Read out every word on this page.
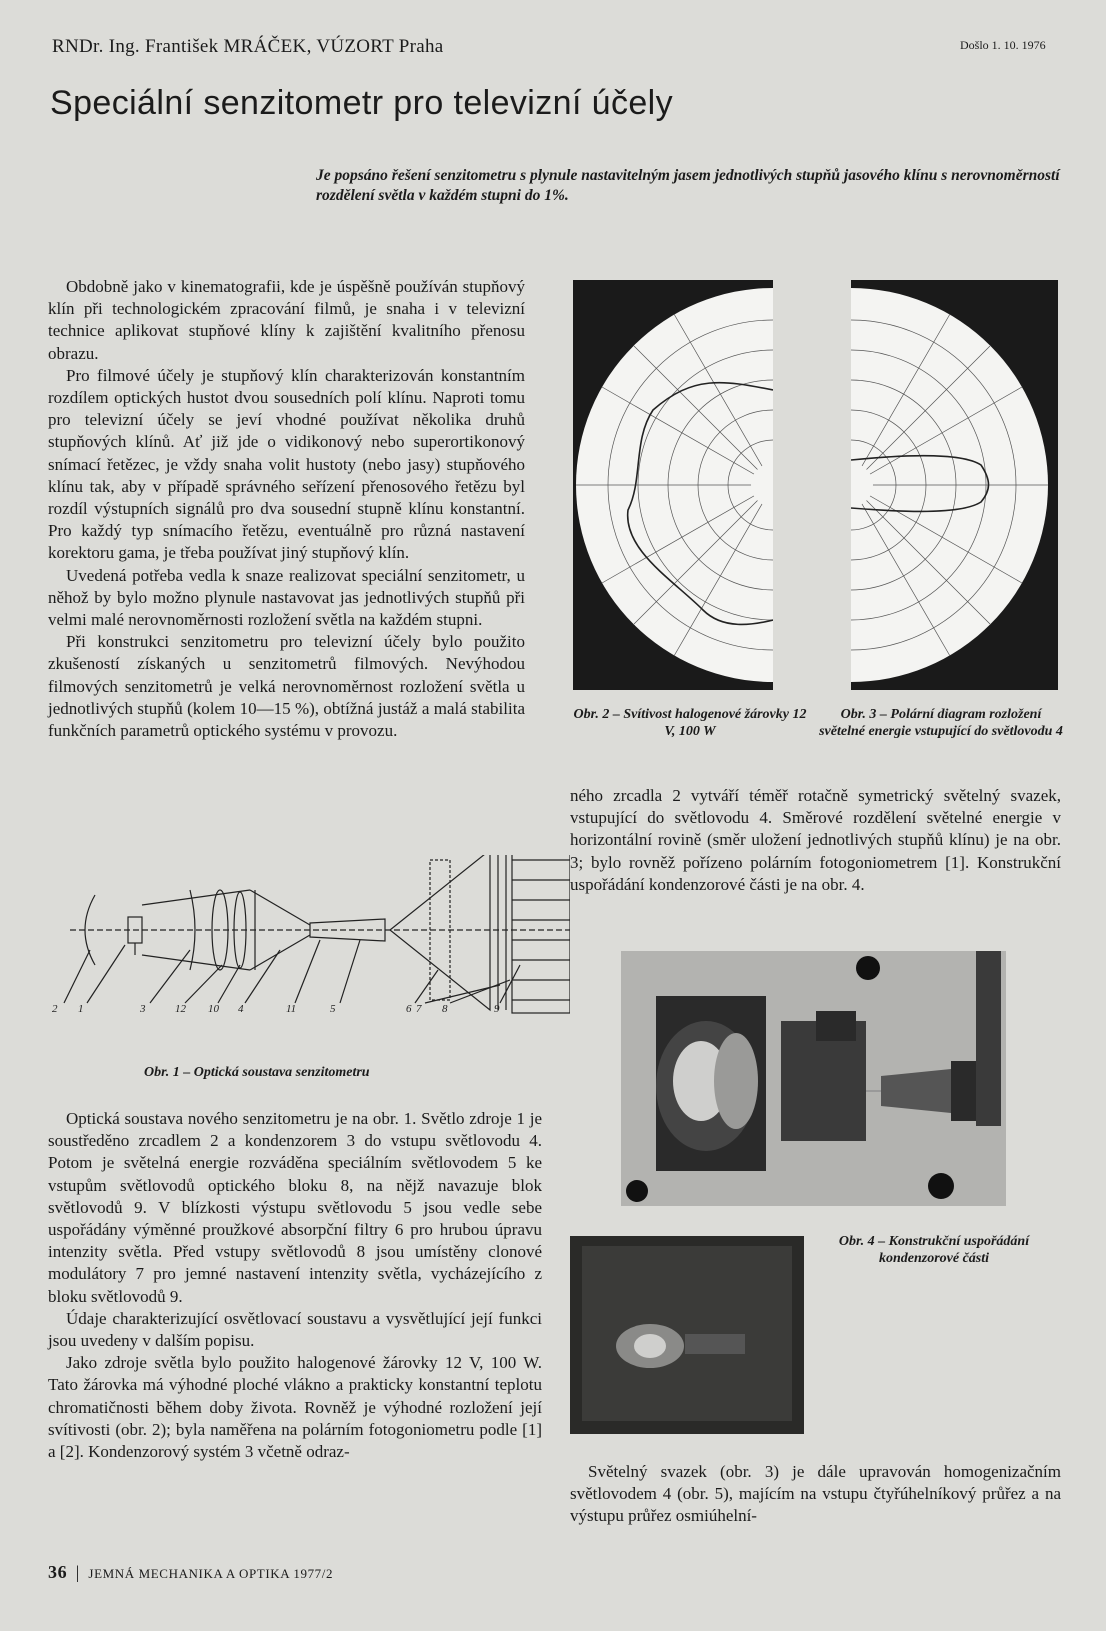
RNDr. Ing. František MRÁČEK, VÚZORT Praha	Došlo 1. 10. 1976
Speciální senzitometr pro televizní účely
Je popsáno řešení senzitometru s plynule nastavitelným jasem jednotlivých stupňů jasového klínu s nerovnoměrností rozdělení světla v každém stupni do 1%.

Obdobně jako v kinematografii, kde je úspěšně používán stupňový klín při technologickém zpracování filmů, je snaha i v televizní technice aplikovat stupňové klíny k zajištění kvalitního přenosu obrazu.

Pro filmové účely je stupňový klín charakterizován konstantním rozdílem optických hustot dvou sousedních polí klínu. Naproti tomu pro televizní účely se jeví vhodné používat několika druhů stupňových klínů. Ať již jde o vidikonový nebo superortikonový snímací řetězec, je vždy snaha volit hustoty (nebo jasy) stupňového klínu tak, aby v případě správného seřízení přenosového řetězu byl rozdíl výstupních signálů pro dva sousední stupně klínu konstantní. Pro každý typ snímacího řetězu, eventuálně pro různá nastavení korektoru gama, je třeba používat jiný stupňový klín.

Uvedená potřeba vedla k snaze realizovat speciální senzitometr, u něhož by bylo možno plynule nastavovat jas jednotlivých stupňů při velmi malé nerovnoměrnosti rozložení světla na každém stupni.

Při konstrukci senzitometru pro televizní účely bylo použito zkušeností získaných u senzitometrů filmových. Nevýhodou filmových senzitometrů je velká nerovnoměrnost rozložení světla u jednotlivých stupňů (kolem 10—15 %), obtížná justáž a malá stabilita funkčních parametrů optického systému v provozu.

Obr. 2 – Svítivost halogenové žárovky 12 V, 100 W
Obr. 3 – Polární diagram rozložení světelné energie vstupující do světlovodu 4

ného zrcadla 2 vytváří téměř rotačně symetrický světelný svazek, vstupující do světlovodu 4. Směrové rozdělení světelné energie v horizontální rovině (směr uložení jednotlivých stupňů klínu) je na obr. 3; bylo rovněž pořízeno polárním fotogoniometrem [1]. Konstrukční uspořádání kondenzorové části je na obr. 4.

2 1	3	12 10 4	11	5	6 7 8	9
Obr. 1 – Optická soustava senzitometru

Optická soustava nového senzitometru je na obr. 1. Světlo zdroje 1 je soustředěno zrcadlem 2 a kondenzorem 3 do vstupu světlovodu 4. Potom je světelná energie rozváděna speciálním světlovodem 5 ke vstupům světlovodů optického bloku 8, na nějž navazuje blok světlovodů 9. V blízkosti výstupu světlovodu 5 jsou vedle sebe uspořádány výměnné proužkové absorpční filtry 6 pro hrubou úpravu intenzity světla. Před vstupy světlovodů 8 jsou umístěny clonové modulátory 7 pro jemné nastavení intenzity světla, vycházejícího z bloku světlovodů 9.

Údaje charakterizující osvětlovací soustavu a vysvětlující její funkci jsou uvedeny v dalším popisu.

Jako zdroje světla bylo použito halogenové žárovky 12 V, 100 W. Tato žárovka má výhodné ploché vlákno a prakticky konstantní teplotu chromatičnosti během doby života. Rovněž je výhodné rozložení její svítivosti (obr. 2); byla naměřena na polárním fotogoniometru podle [1] a [2]. Kondenzorový systém 3 včetně odraz-

Obr. 4 – Konstrukční uspořádání kondenzorové části

Světelný svazek (obr. 3) je dále upravován homogenizačním světlovodem 4 (obr. 5), majícím na vstupu čtyřúhelníkový průřez a na výstupu průřez osmiúhelní-

36 | JEMNÁ MECHANIKA A OPTIKA 1977/2
